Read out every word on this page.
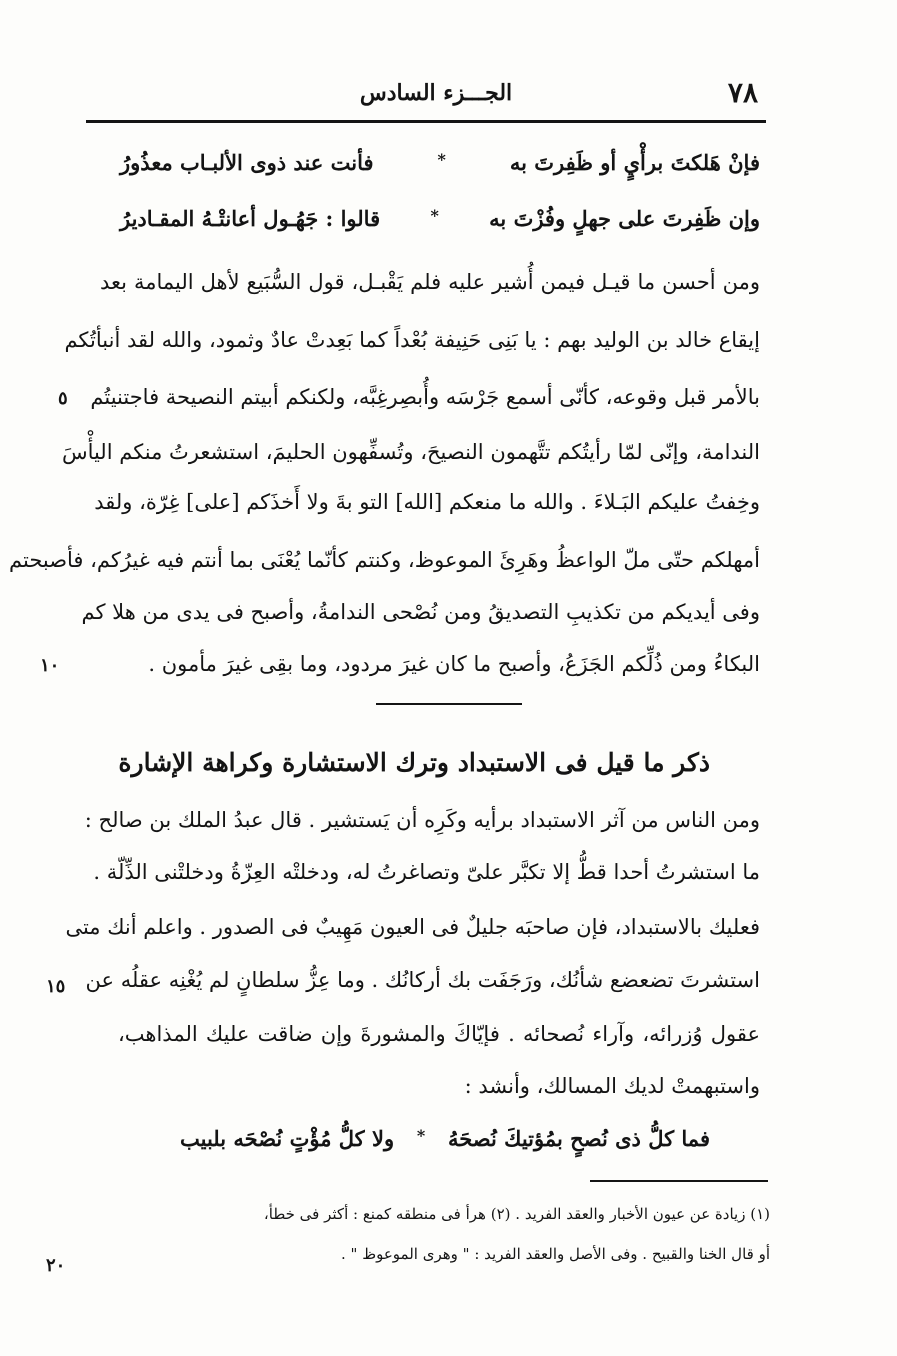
٧٨
الجـــزء السادس
فإنْ هَلكتَ برأْيٍ أو ظَفِرتَ به
*
فأنت عند ذوى الألبـاب معذُورُ
وإن ظَفِرتَ على جهلٍ وفُزْتَ به
*
قالوا : جَهُـول أعانتْـهُ المقـاديرُ
ومن أحسن ما قيـل فيمن أُشير عليه فلم يَقْبـل، قول السُّبَيع لأهل اليمامة بعد
إيقاع خالد بن الوليد بهم : يا بَنِى حَنِيفة بُعْداً كما بَعِدتْ عادٌ وثمود، والله لقد أنبأتُكم
بالأمر قبل وقوعه، كأنّى أسمع جَرْسَه وأُبصِرغِبَّه، ولكنكم أبيتم النصيحة فاجتنيتُم
الندامة، وإنّى لمّا رأيتُكم تتَّهمون النصيحَ، وتُسفِّهون الحليمَ، استشعرتُ منكم اليأْسَ
وخِفتُ عليكم البَـلاءَ . والله ما منعكم [الله] التو بةَ ولا أَخذَكم [على] غِرّة، ولقد
أمهلكم حتّى ملّ الواعظُ وهَرِئَ الموعوظ، وكنتم كأنّما يُعْنَى بما أنتم فيه غيرُكم، فأصبحتم
وفى أيديكم من تكذيبِ التصديقُ ومن نُصْحى الندامةُ، وأصبح فى يدى من هلا كم
البكاءُ ومن ذُلِّكم الجَزَعُ، وأصبح ما كان غيرَ مردود، وما بقِى غيرَ مأمون .
ذكر ما قيل فى الاستبداد وترك الاستشارة وكراهة الإشارة
ومن الناس من آثر الاستبداد برأيه وكَرِه أن يَستشير . قال عبدُ الملك بن صالح :
ما استشرتُ أحدا قطُّ إلا تكبَّر علىّ وتصاغرتُ له، ودخلتْه العِزّةُ ودخلتْنى الذِّلّة .
فعليك بالاستبداد، فإن صاحبَه جليلٌ فى العيون مَهِيبٌ فى الصدور . واعلم أنك متى
استشرتَ تضعضع شأنُك، ورَجَفَت بك أركانُك . وما عِزُّ سلطانٍ لم يُغْنِه عقلُه عن
عقول وُزرائه، وآراء نُصحائه . فإيّاكَ والمشورةَ وإن ضاقت عليك المذاهب،
واستبهمتْ لديك المسالك، وأنشد :
فما كلُّ ذى نُصحٍ بمُؤتيكَ نُصحَهُ
*
ولا كلُّ مُؤْتٍ نُصْحَه بلبيب
٥
١٠
١٥
٢٠
(١) زيادة عن عيون الأخبار والعقد الفريد . (٢) هرأ فى منطقه كمنع : أكثر فى خطأ،
أو قال الخنا والقبيح . وفى الأصل والعقد الفريد : " وهرى الموعوظ " .
